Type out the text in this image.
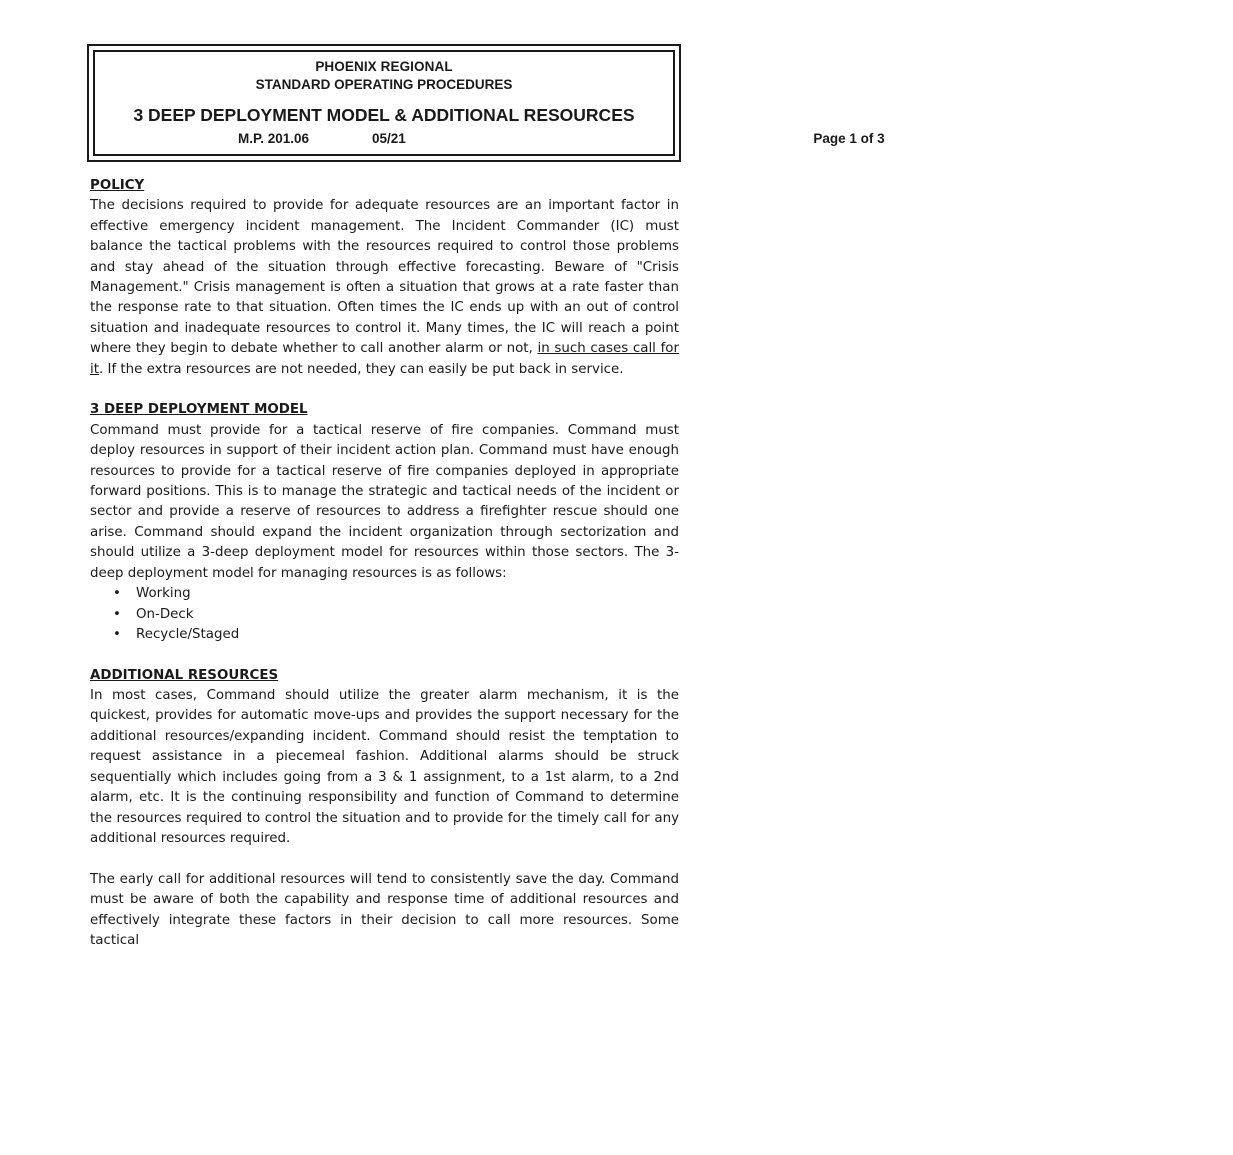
PHOENIX REGIONAL
STANDARD OPERATING PROCEDURES
3 DEEP DEPLOYMENT MODEL & ADDITIONAL RESOURCES
M.P. 201.06	05/21	Page 1 of 3
POLICY

The decisions required to provide for adequate resources are an important factor in effective emergency incident management. The Incident Commander (IC) must balance the tactical problems with the resources required to control those problems and stay ahead of the situation through effective forecasting. Beware of "Crisis Management." Crisis management is often a situation that grows at a rate faster than the response rate to that situation. Often times the IC ends up with an out of control situation and inadequate resources to control it. Many times, the IC will reach a point where they begin to debate whether to call another alarm or not, in such cases call for it. If the extra resources are not needed, they can easily be put back in service.

3 DEEP DEPLOYMENT MODEL

Command must provide for a tactical reserve of fire companies. Command must deploy resources in support of their incident action plan. Command must have enough resources to provide for a tactical reserve of fire companies deployed in appropriate forward positions. This is to manage the strategic and tactical needs of the incident or sector and provide a reserve of resources to address a firefighter rescue should one arise. Command should expand the incident organization through sectorization and should utilize a 3-deep deployment model for resources within those sectors. The 3-deep deployment model for managing resources is as follows:

• Working
• On-Deck
• Recycle/Staged
ADDITIONAL RESOURCES

In most cases, Command should utilize the greater alarm mechanism, it is the quickest, provides for automatic move-ups and provides the support necessary for the additional resources/expanding incident. Command should resist the temptation to request assistance in a piecemeal fashion. Additional alarms should be struck sequentially which includes going from a 3 & 1 assignment, to a 1st alarm, to a 2nd alarm, etc. It is the continuing responsibility and function of Command to determine the resources required to control the situation and to provide for the timely call for any additional resources required.

The early call for additional resources will tend to consistently save the day. Command must be aware of both the capability and response time of additional resources and effectively integrate these factors in their decision to call more resources. Some tactical
